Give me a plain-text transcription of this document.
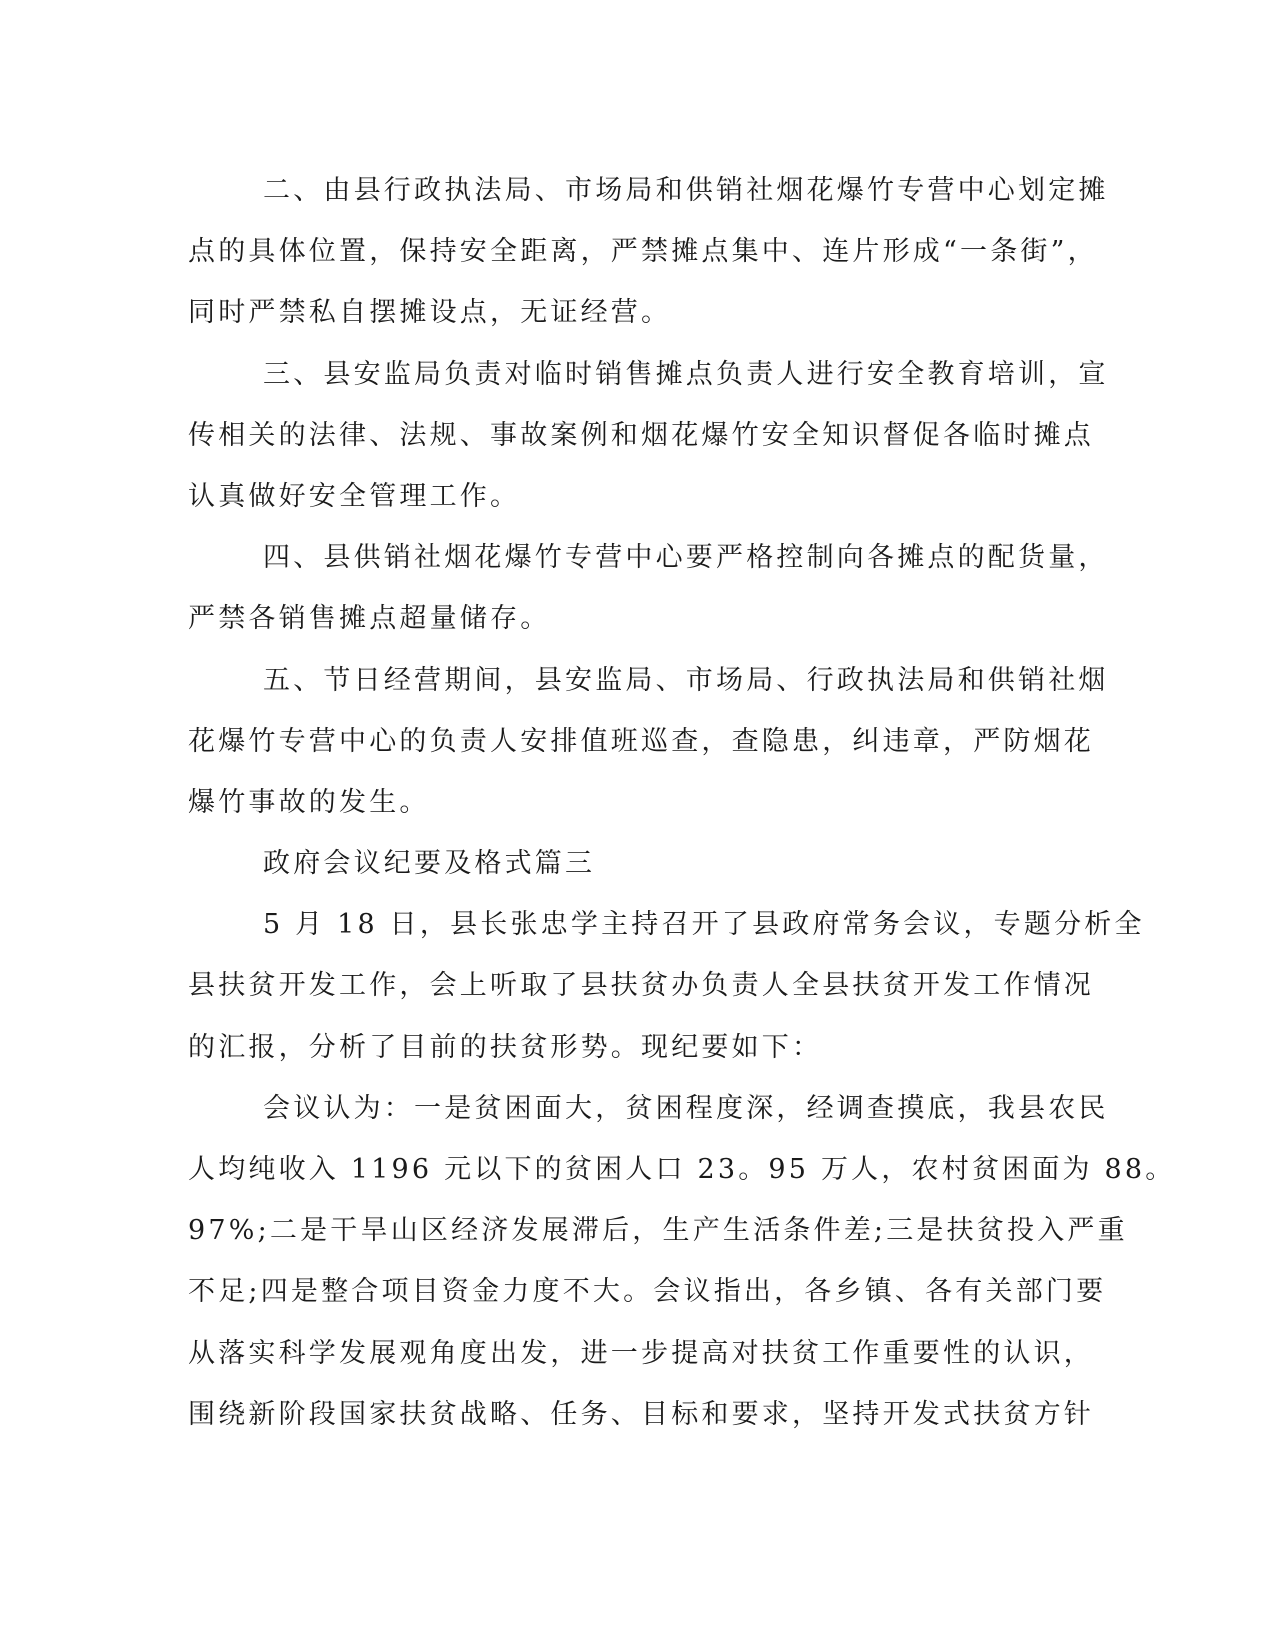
二、由县行政执法局、市场局和供销社烟花爆竹专营中心划定摊
点的具体位置，保持安全距离，严禁摊点集中、连片形成“一条街”，
同时严禁私自摆摊设点，无证经营。
三、县安监局负责对临时销售摊点负责人进行安全教育培训，宣
传相关的法律、法规、事故案例和烟花爆竹安全知识督促各临时摊点
认真做好安全管理工作。
四、县供销社烟花爆竹专营中心要严格控制向各摊点的配货量，
严禁各销售摊点超量储存。
五、节日经营期间，县安监局、市场局、行政执法局和供销社烟
花爆竹专营中心的负责人安排值班巡查，查隐患，纠违章，严防烟花
爆竹事故的发生。
政府会议纪要及格式篇三
5 月 18 日，县长张忠学主持召开了县政府常务会议，专题分析全
县扶贫开发工作，会上听取了县扶贫办负责人全县扶贫开发工作情况
的汇报，分析了目前的扶贫形势。现纪要如下：
会议认为：一是贫困面大，贫困程度深，经调查摸底，我县农民
人均纯收入 1196 元以下的贫困人口 23。95 万人，农村贫困面为 88。
97%;二是干旱山区经济发展滞后，生产生活条件差;三是扶贫投入严重
不足;四是整合项目资金力度不大。会议指出，各乡镇、各有关部门要
从落实科学发展观角度出发，进一步提高对扶贫工作重要性的认识，
围绕新阶段国家扶贫战略、任务、目标和要求，坚持开发式扶贫方针
